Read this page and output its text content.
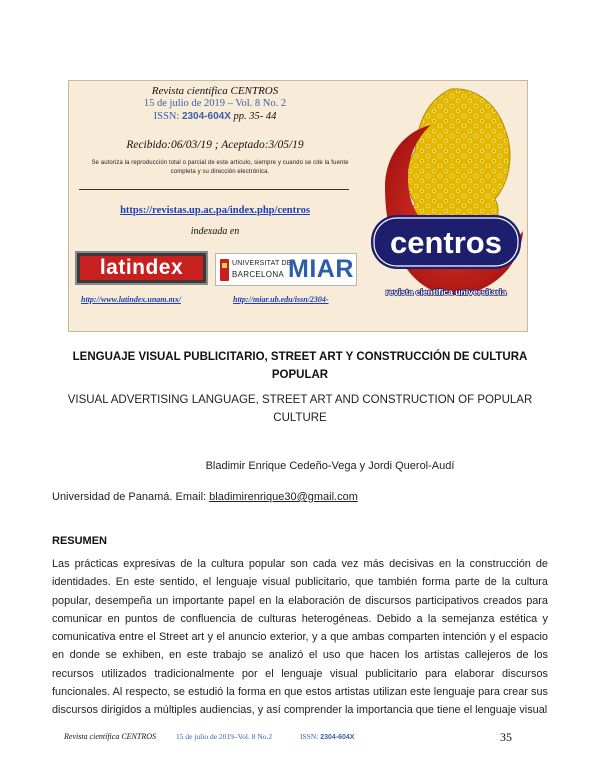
Revista científica CENTROS
15 de julio de 2019 – Vol. 8 No. 2
ISSN: 2304-604X pp. 35- 44
Recibido:06/03/19 ; Aceptado:3/05/19
Se autoriza la reproducción total o parcial de este artículo, siempre y cuando se cite la fuente completa y su dirección electrónica.
https://revistas.up.ac.pa/index.php/centros
indexada en
latindex	UNIVERSITAT DE
BARCELONA MIAR
http://www.latindex.unam.mx/	http://miar.ub.edu/issn/2304-
centros
revista científica universitaria
LENGUAJE VISUAL PUBLICITARIO, STREET ART Y CONSTRUCCIÓN DE CULTURA POPULAR
VISUAL ADVERTISING LANGUAGE, STREET ART AND CONSTRUCTION OF POPULAR CULTURE
Bladimir Enrique Cedeño-Vega y Jordi Querol-Audí
Universidad de Panamá. Email: bladimirenrique30@gmail.com
RESUMEN
Las prácticas expresivas de la cultura popular son cada vez más decisivas en la construcción de identidades. En este sentido, el lenguaje visual publicitario, que también forma parte de la cultura popular, desempeña un importante papel en la elaboración de discursos participativos creados para comunicar en puntos de confluencia de culturas heterogéneas. Debido a la semejanza estética y comunicativa entre el Street art y el anuncio exterior, y a que ambas comparten intención y el espacio en donde se exhiben, en este trabajo se analizó el uso que hacen los artistas callejeros de los recursos utilizados tradicionalmente por el lenguaje visual publicitario para elaborar discursos funcionales. Al respecto, se estudió la forma en que estos artistas utilizan este lenguaje para crear sus discursos dirigidos a múltiples audiencias, y así comprender la importancia que tiene el lenguaje visual
Revista científica CENTROS	15 de julio de 2019–Vol. 8 No.2	ISSN: 2304-604X	35
